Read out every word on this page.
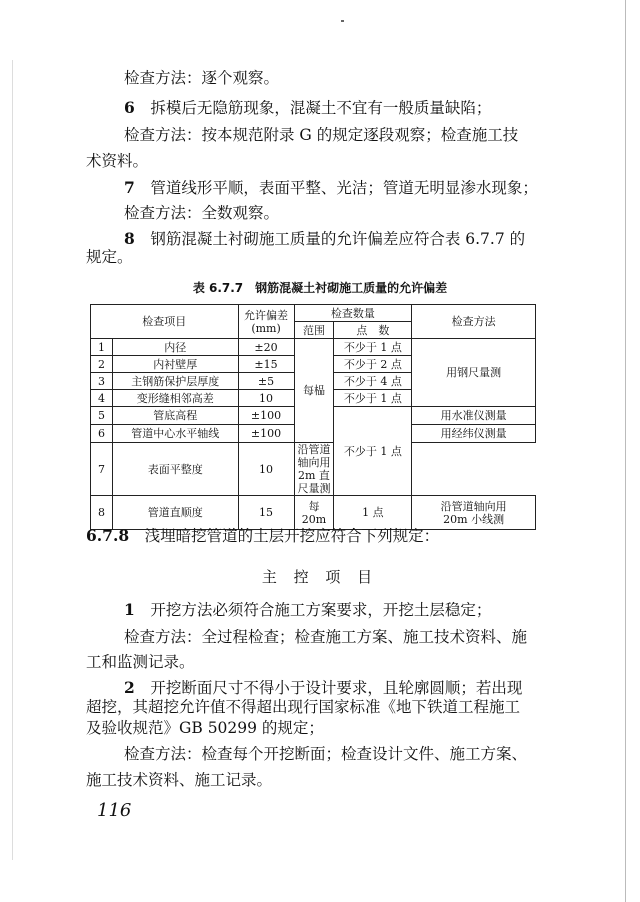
检查方法：逐个观察。
6　 拆模后无隐筋现象，混凝土不宜有一般质量缺陷；
检查方法：按本规范附录 G 的规定逐段观察；检查施工技
术资料。
7　 管道线形平顺，表面平整、光洁；管道无明显渗水现象；
检查方法：全数观察。
8　 钢筋混凝土衬砌施工质量的允许偏差应符合表 6.7.7 的
规定。
表 6.7.7 钢筋混凝土衬砌施工质量的允许偏差
检查项目		允许偏差
(mm)	检查数量		检查方法
			范围	点　数	
1	内径	±20	每榀	不少于 1 点	用钢尺量测
2	内衬壁厚	±15		不少于 2 点	
3	主钢筋保护层厚度	±5		不少于 4 点	
4	变形缝相邻高差	10		不少于 1 点	
5	管底高程	±100		不少于 1 点	用水准仪测量
6	管道中心水平轴线	±100			用经纬仪测量
7	表面平整度	10	沿管道轴向用
2m 直尺量测		

8	管道直顺度	15	每 20m	1 点	沿管道轴向用
20m 小线测
6.7.8　 浅埋暗挖管道的土层开挖应符合下列规定：
主 控 项 目
1　 开挖方法必须符合施工方案要求，开挖土层稳定；
检查方法：全过程检查；检查施工方案、施工技术资料、施
工和监测记录。
2　 开挖断面尺寸不得小于设计要求，且轮廓圆顺；若出现
超挖，其超挖允许值不得超出现行国家标准《地下铁道工程施工
及验收规范》GB 50299 的规定；
检查方法：检查每个开挖断面；检查设计文件、施工方案、
施工技术资料、施工记录。
116
